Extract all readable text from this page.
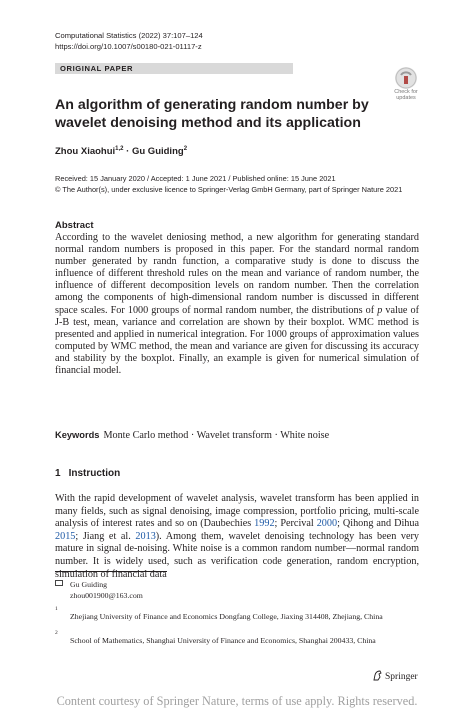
Computational Statistics (2022) 37:107–124
https://doi.org/10.1007/s00180-021-01117-z
ORIGINAL PAPER
Check for updates
An algorithm of generating random number by wavelet denoising method and its application
Zhou Xiaohui$^{1,2}$ · Gu Guiding$^2$
Received: 15 January 2020 / Accepted: 1 June 2021 / Published online: 15 June 2021
© The Author(s), under exclusive licence to Springer-Verlag GmbH Germany, part of Springer Nature 2021
Abstract
According to the wavelet deniosing method, a new algorithm for generating standard normal random numbers is proposed in this paper. For the standard normal random number generated by randn function, a comparative study is done to discuss the influence of different threshold rules on the mean and variance of random number, the influence of different decomposition levels on random number. Then the correlation among the components of high-dimensional random number is discussed in different space scales. For 1000 groups of normal random number, the distributions of p value of J-B test, mean, variance and correlation are shown by their boxplot. WMC method is presented and applied in numerical integration. For 1000 groups of approximation values computed by WMC method, the mean and variance are given for discussing its accuracy and stability by the boxplot. Finally, an example is given for numerical simulation of financial model.
Keywords Monte Carlo method · Wavelet transform · White noise
1 Instruction
With the rapid development of wavelet analysis, wavelet transform has been applied in many fields, such as signal denoising, image compression, portfolio pricing, multi-scale analysis of interest rates and so on (Daubechies 1992; Percival 2000; Qihong and Dihua 2015; Jiang et al. 2013). Among them, wavelet denoising technology has been very mature in signal de-noising. White noise is a common random number—normal random number. It is widely used, such as verification code generation, random encryption, simulation of financial data
Gu Guiding
zhou001900@163.com
1
Zhejiang University of Finance and Economics Dongfang College, Jiaxing 314408, Zhejiang, China
2
School of Mathematics, Shanghai University of Finance and Economics, Shanghai 200433, China
Springer
Content courtesy of Springer Nature, terms of use apply. Rights reserved.
